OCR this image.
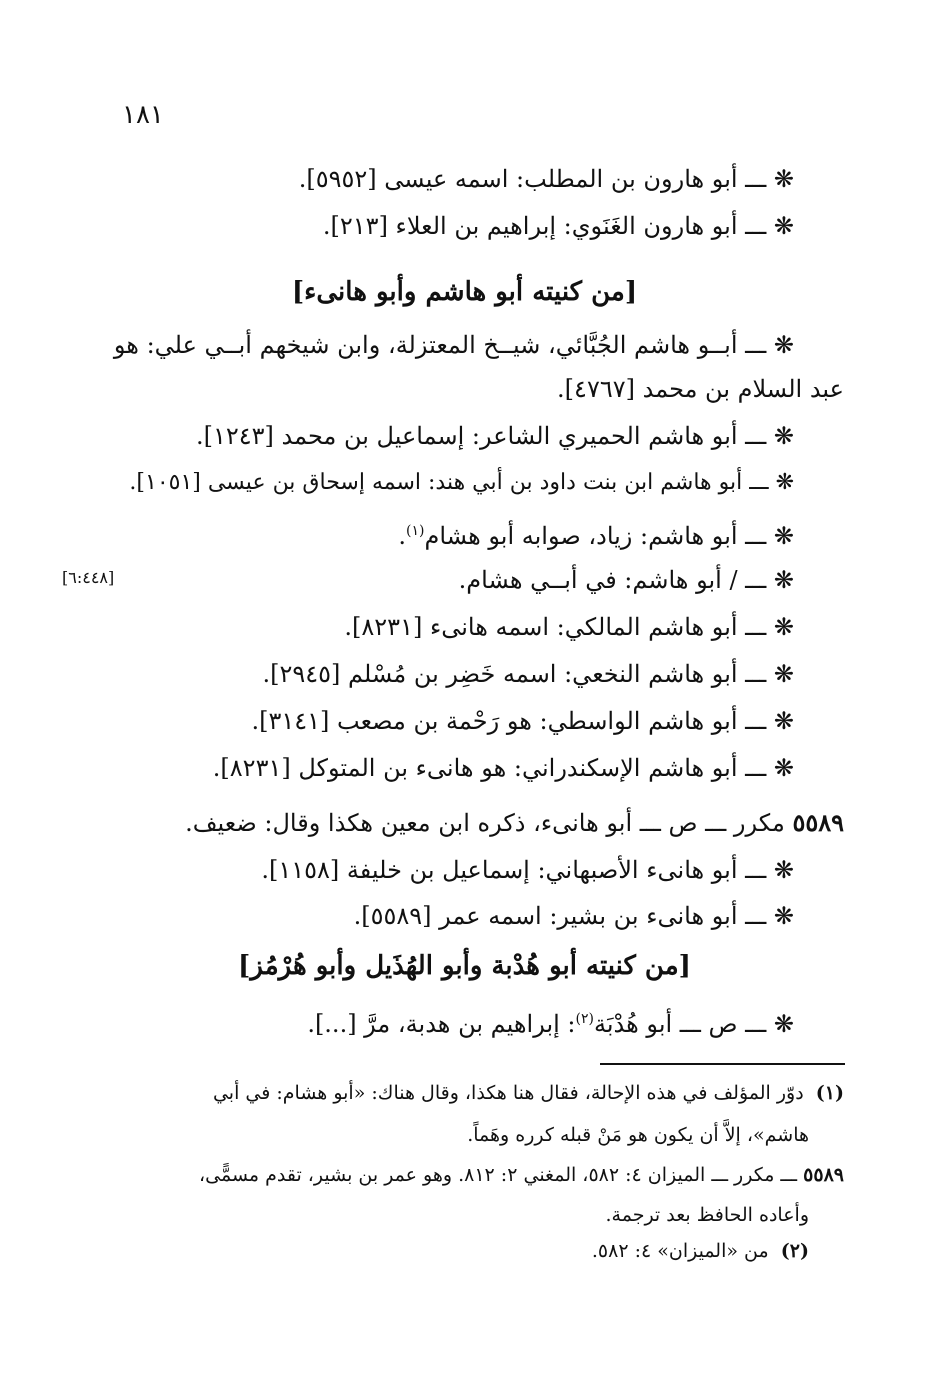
١٨١
❋ ـــ أبو هارون بن المطلب: اسمه عيسى [٥٩٥٢].
❋ ـــ أبو هارون الغَنَوي: إبراهيم بن العلاء [٢١٣].
[من كنيته أبو هاشم وأبو هانىء]
❋ ـــ أبــو هاشم الجُبَّائي، شيــخ المعتزلة، وابن شيخهم أبــي علي: هو
عبد السلام بن محمد [٤٧٦٧].
❋ ـــ أبو هاشم الحميري الشاعر: إسماعيل بن محمد [١٢٤٣].
❋ ـــ أبو هاشم ابن بنت داود بن أبي هند: اسمه إسحاق بن عيسى [١٠٥١].
❋ ـــ أبو هاشم: زياد، صوابه أبو هشام$^{(١)}$.
❋ ـــ / أبو هاشم: في أبــي هشام.
[٦:٤٤٨]
❋ ـــ أبو هاشم المالكي: اسمه هانىء [٨٢٣١].
❋ ـــ أبو هاشم النخعي: اسمه خَضِر بن مُسْلم [٢٩٤٥].
❋ ـــ أبو هاشم الواسطي: هو رَحْمة بن مصعب [٣١٤١].
❋ ـــ أبو هاشم الإسكندراني: هو هانىء بن المتوكل [٨٢٣١].
٥٥٨٩ مكرر ـــ ص ـــ أبو هانىء، ذكره ابن معين هكذا وقال: ضعيف.
❋ ـــ أبو هانىء الأصبهاني: إسماعيل بن خليفة [١١٥٨].
❋ ـــ أبو هانىء بن بشير: اسمه عمر [٥٥٨٩].
[من كنيته أبو هُدْبة وأبو الهُذَيل وأبو هُرْمُز]
❋ ـــ ص ـــ أبو هُدْبَة$^{(٢)}$: إبراهيم بن هدبة، مرَّ [...].
(١)  دوّر المؤلف في هذه الإحالة، فقال هنا هكذا، وقال هناك: «أبو هشام: في أبي
هاشم»، إلاَّ أن يكون هو مَنْ قبله كرره وهَماً.
٥٥٨٩ ـــ مكرر ـــ الميزان ٤: ٥٨٢، المغني ٢: ٨١٢. وهو عمر بن بشير، تقدم مسمًّى،
وأعاده الحافظ بعد ترجمة.
(٢)  من «الميزان» ٤: ٥٨٢.
